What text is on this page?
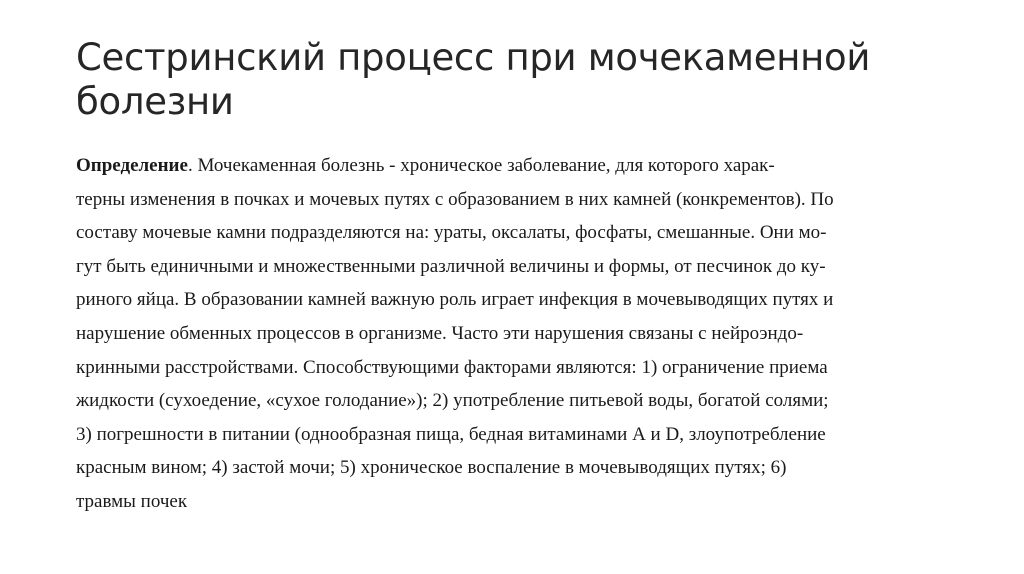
Сестринский процесс при мочекаменной болезни
Определение. Мочекаменная болезнь - хроническое заболевание, для которого харак-
терны изменения в почках и мочевых путях с образованием в них камней (конкрементов). По
составу мочевые камни подразделяются на: ураты, оксалаты, фосфаты, смешанные. Они мо-
гут быть единичными и множественными различной величины и формы, от песчинок до ку-
риного яйца. В образовании камней важную роль играет инфекция в мочевыводящих путях и
нарушение обменных процессов в организме. Часто эти нарушения связаны с нейроэндо-
кринными расстройствами. Способствующими факторами являются: 1) ограничение приема
жидкости (сухоедение, «сухое голодание»); 2) употребление питьевой воды, богатой солями;
3) погрешности в питании (однообразная пища, бедная витаминами А и D, злоупотребление
красным вином; 4) застой мочи; 5) хроническое воспаление в мочевыводящих путях; 6)
травмы почек
